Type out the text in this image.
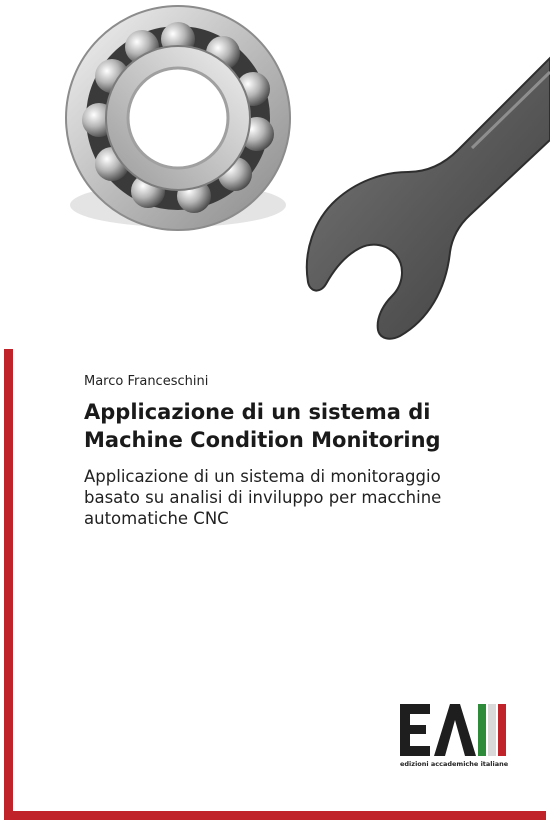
Marco Franceschini
Applicazione di un sistema di
Machine Condition Monitoring
Applicazione di un sistema di monitoraggio
basato su analisi di inviluppo per macchine
automatiche CNC
edizioni accademiche italiane
